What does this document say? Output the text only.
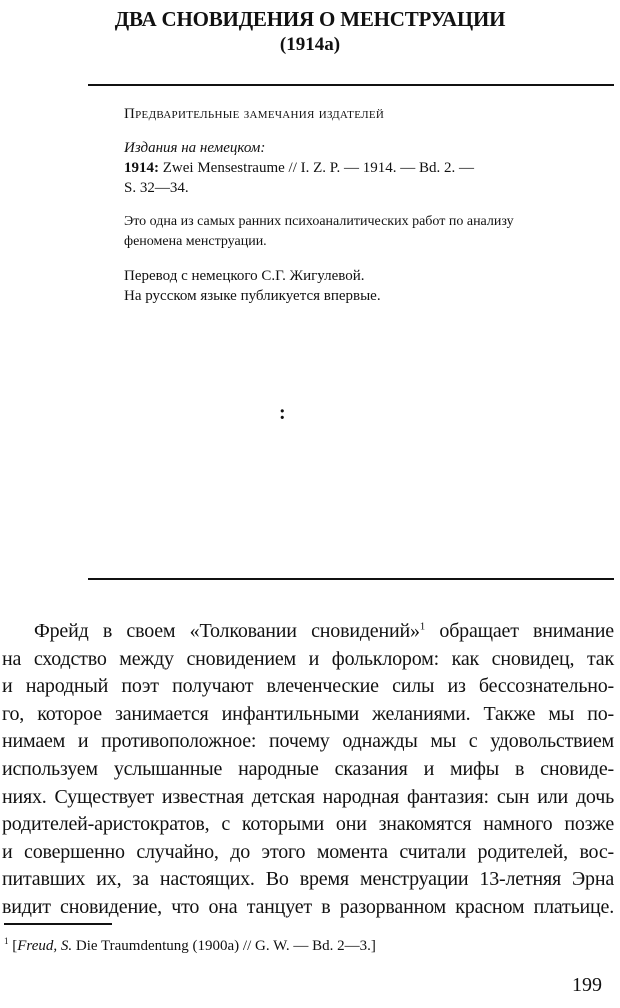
ДВА СНОВИДЕНИЯ О МЕНСТРУАЦИИ
(1914a)

Предварительные замечания издателей

Издания на немецком:

1914: Zwei Mensestraume // I. Z. P. — 1914. — Bd. 2. —

S. 32—34.

Это одна из самых ранних психоаналитических работ по анализу

феномена менструации.

Перевод с немецкого С.Г. Жигулевой.

На русском языке публикуется впервые.

:
Фрейд в своем «Толковании сновидений»$^1$ обращает внимание
на сходство между сновидением и фольклором: как сновидец, так
и народный поэт получают влеченческие силы из бессознательно-
го, которое занимается инфантильными желаниями. Также мы по-
нимаем и противоположное: почему однажды мы с удовольствием
используем услышанные народные сказания и мифы в сновиде-
ниях. Существует известная детская народная фантазия: сын или дочь
родителей-аристократов, с которыми они знакомятся намного позже
и совершенно случайно, до этого момента считали родителей, вос-
питавших их, за настоящих. Во время менструации 13-летняя Эрна
видит сновидение, что она танцует в разорванном красном платьице.
$^1$ [Freud, S. Die Traumdentung (1900a) // G. W. — Bd. 2—3.]
199
